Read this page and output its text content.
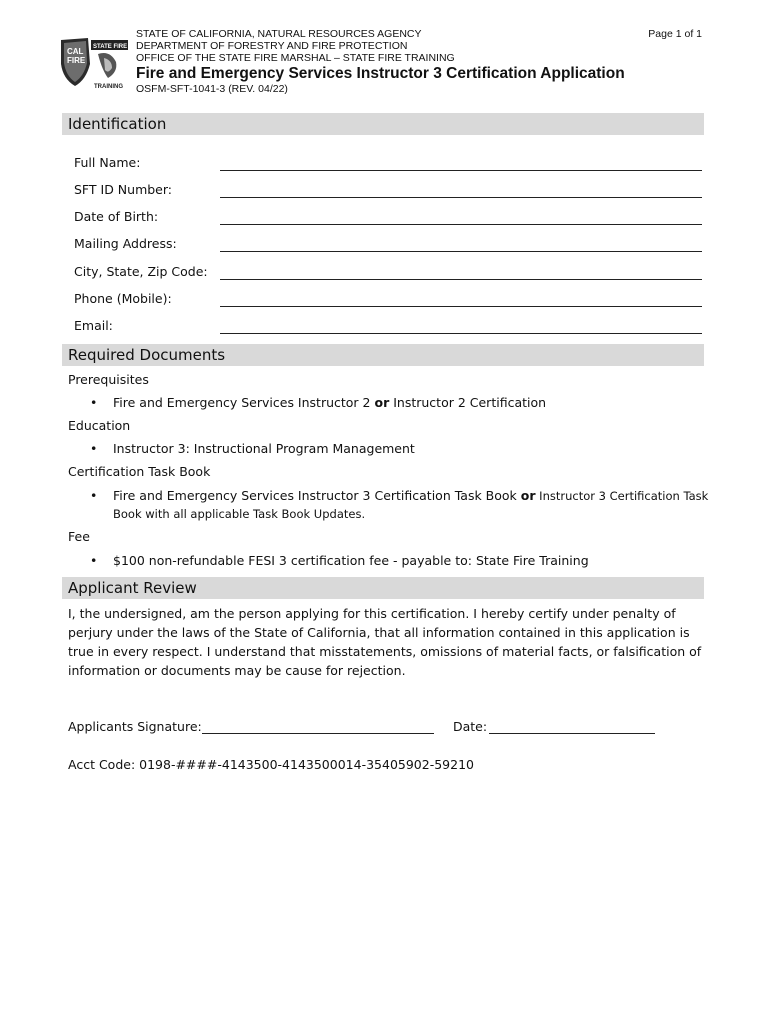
CAL
FIRE
STATE FIRE
TRAINING
STATE OF CALIFORNIA, NATURAL RESOURCES AGENCY
DEPARTMENT OF FORESTRY AND FIRE PROTECTION
OFFICE OF THE STATE FIRE MARSHAL – STATE FIRE TRAINING
Page 1 of 1
Fire and Emergency Services Instructor 3 Certification Application
OSFM-SFT-1041-3 (REV. 04/22)
Identification
Full Name:
SFT ID Number:
Date of Birth:
Mailing Address:
City, State, Zip Code:
Phone (Mobile):
Email:
Required Documents
Prerequisites
• Fire and Emergency Services Instructor 2 or Instructor 2 Certification
Education
• Instructor 3: Instructional Program Management
Certification Task Book
• Fire and Emergency Services Instructor 3 Certification Task Book or Instructor 3 Certification Task
Book with all applicable Task Book Updates.
Fee
• $100 non-refundable FESI 3 certification fee - payable to: State Fire Training
Applicant Review
I, the undersigned, am the person applying for this certification. I hereby certify under penalty of perjury under the laws of the State of California, that all information contained in this application is true in every respect. I understand that misstatements, omissions of material facts, or falsification of information or documents may be cause for rejection.
Applicants Signature:	Date:
Acct Code: 0198-####-4143500-4143500014-35405902-59210
